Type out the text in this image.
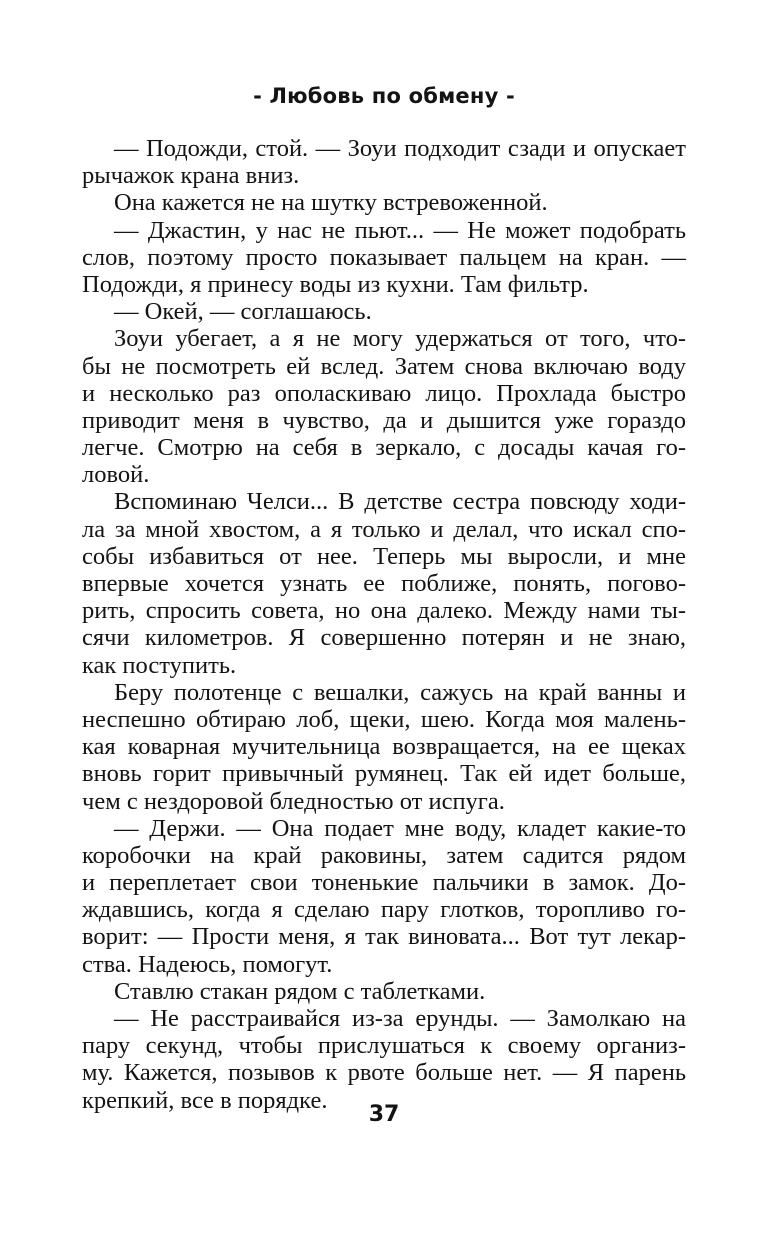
- Любовь по обмену -
— Подожди, стой. — Зоуи подходит сзади и опускает
рычажок крана вниз.
Она кажется не на шутку встревоженной.
— Джастин, у нас не пьют... — Не может подобрать
слов, поэтому просто показывает пальцем на кран. —
Подожди, я принесу воды из кухни. Там фильтр.
— Окей, — соглашаюсь.
Зоуи убегает, а я не могу удержаться от того, что-
бы не посмотреть ей вслед. Затем снова включаю воду
и несколько раз ополаскиваю лицо. Прохлада быстро
приводит меня в чувство, да и дышится уже гораздо
легче. Смотрю на себя в зеркало, с досады качая го-
ловой.
Вспоминаю Челси... В детстве сестра повсюду ходи-
ла за мной хвостом, а я только и делал, что искал спо-
собы избавиться от нее. Теперь мы выросли, и мне
впервые хочется узнать ее поближе, понять, погово-
рить, спросить совета, но она далеко. Между нами ты-
сячи километров. Я совершенно потерян и не знаю,
как поступить.
Беру полотенце с вешалки, сажусь на край ванны и
неспешно обтираю лоб, щеки, шею. Когда моя малень-
кая коварная мучительница возвращается, на ее щеках
вновь горит привычный румянец. Так ей идет больше,
чем с нездоровой бледностью от испуга.
— Держи. — Она подает мне воду, кладет какие-то
коробочки на край раковины, затем садится рядом
и переплетает свои тоненькие пальчики в замок. До-
ждавшись, когда я сделаю пару глотков, торопливо го-
ворит: — Прости меня, я так виновата... Вот тут лекар-
ства. Надеюсь, помогут.
Ставлю стакан рядом с таблетками.
— Не расстраивайся из-за ерунды. — Замолкаю на
пару секунд, чтобы прислушаться к своему организ-
му. Кажется, позывов к рвоте больше нет. — Я парень
крепкий, все в порядке.
37
